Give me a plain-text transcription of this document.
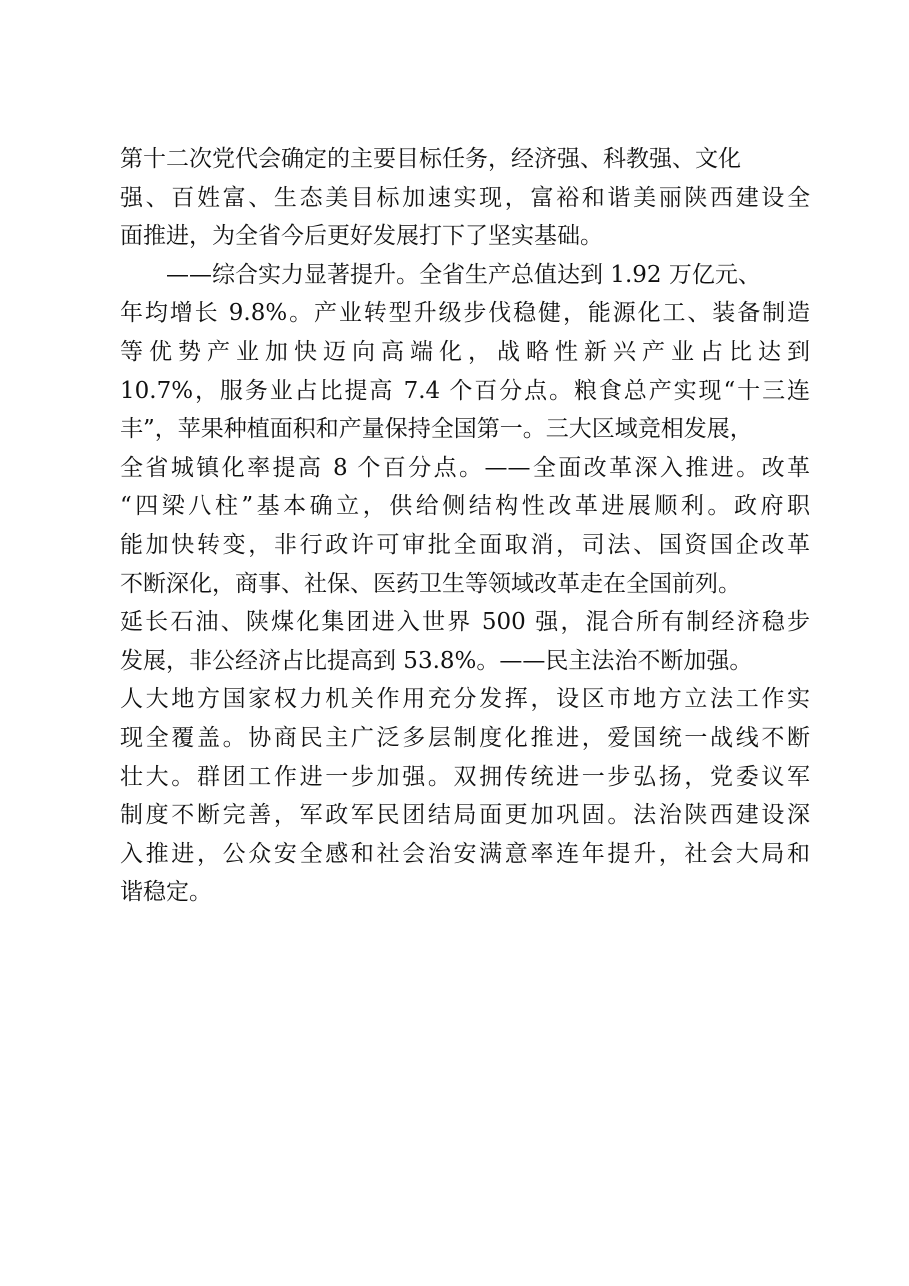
第十二次党代会确定的主要目标任务，经济强、科教强、文化
强、百姓富、生态美目标加速实现，富裕和谐美丽陕西建设全
面推进，为全省今后更好发展打下了坚实基础。
　　——综合实力显著提升。全省生产总值达到 1.92 万亿元、
年均增长 9.8%。产业转型升级步伐稳健，能源化工、装备制造
等优势产业加快迈向高端化，战略性新兴产业占比达到
10.7%，服务业占比提高 7.4 个百分点。粮食总产实现“十三连
丰”，苹果种植面积和产量保持全国第一。三大区域竞相发展，
全省城镇化率提高 8 个百分点。——全面改革深入推进。改革
“四梁八柱”基本确立，供给侧结构性改革进展顺利。政府职
能加快转变，非行政许可审批全面取消，司法、国资国企改革
不断深化，商事、社保、医药卫生等领域改革走在全国前列。
延长石油、陕煤化集团进入世界 500 强，混合所有制经济稳步
发展，非公经济占比提高到 53.8%。——民主法治不断加强。
人大地方国家权力机关作用充分发挥，设区市地方立法工作实
现全覆盖。协商民主广泛多层制度化推进，爱国统一战线不断
壮大。群团工作进一步加强。双拥传统进一步弘扬，党委议军
制度不断完善，军政军民团结局面更加巩固。法治陕西建设深
入推进，公众安全感和社会治安满意率连年提升，社会大局和
谐稳定。
